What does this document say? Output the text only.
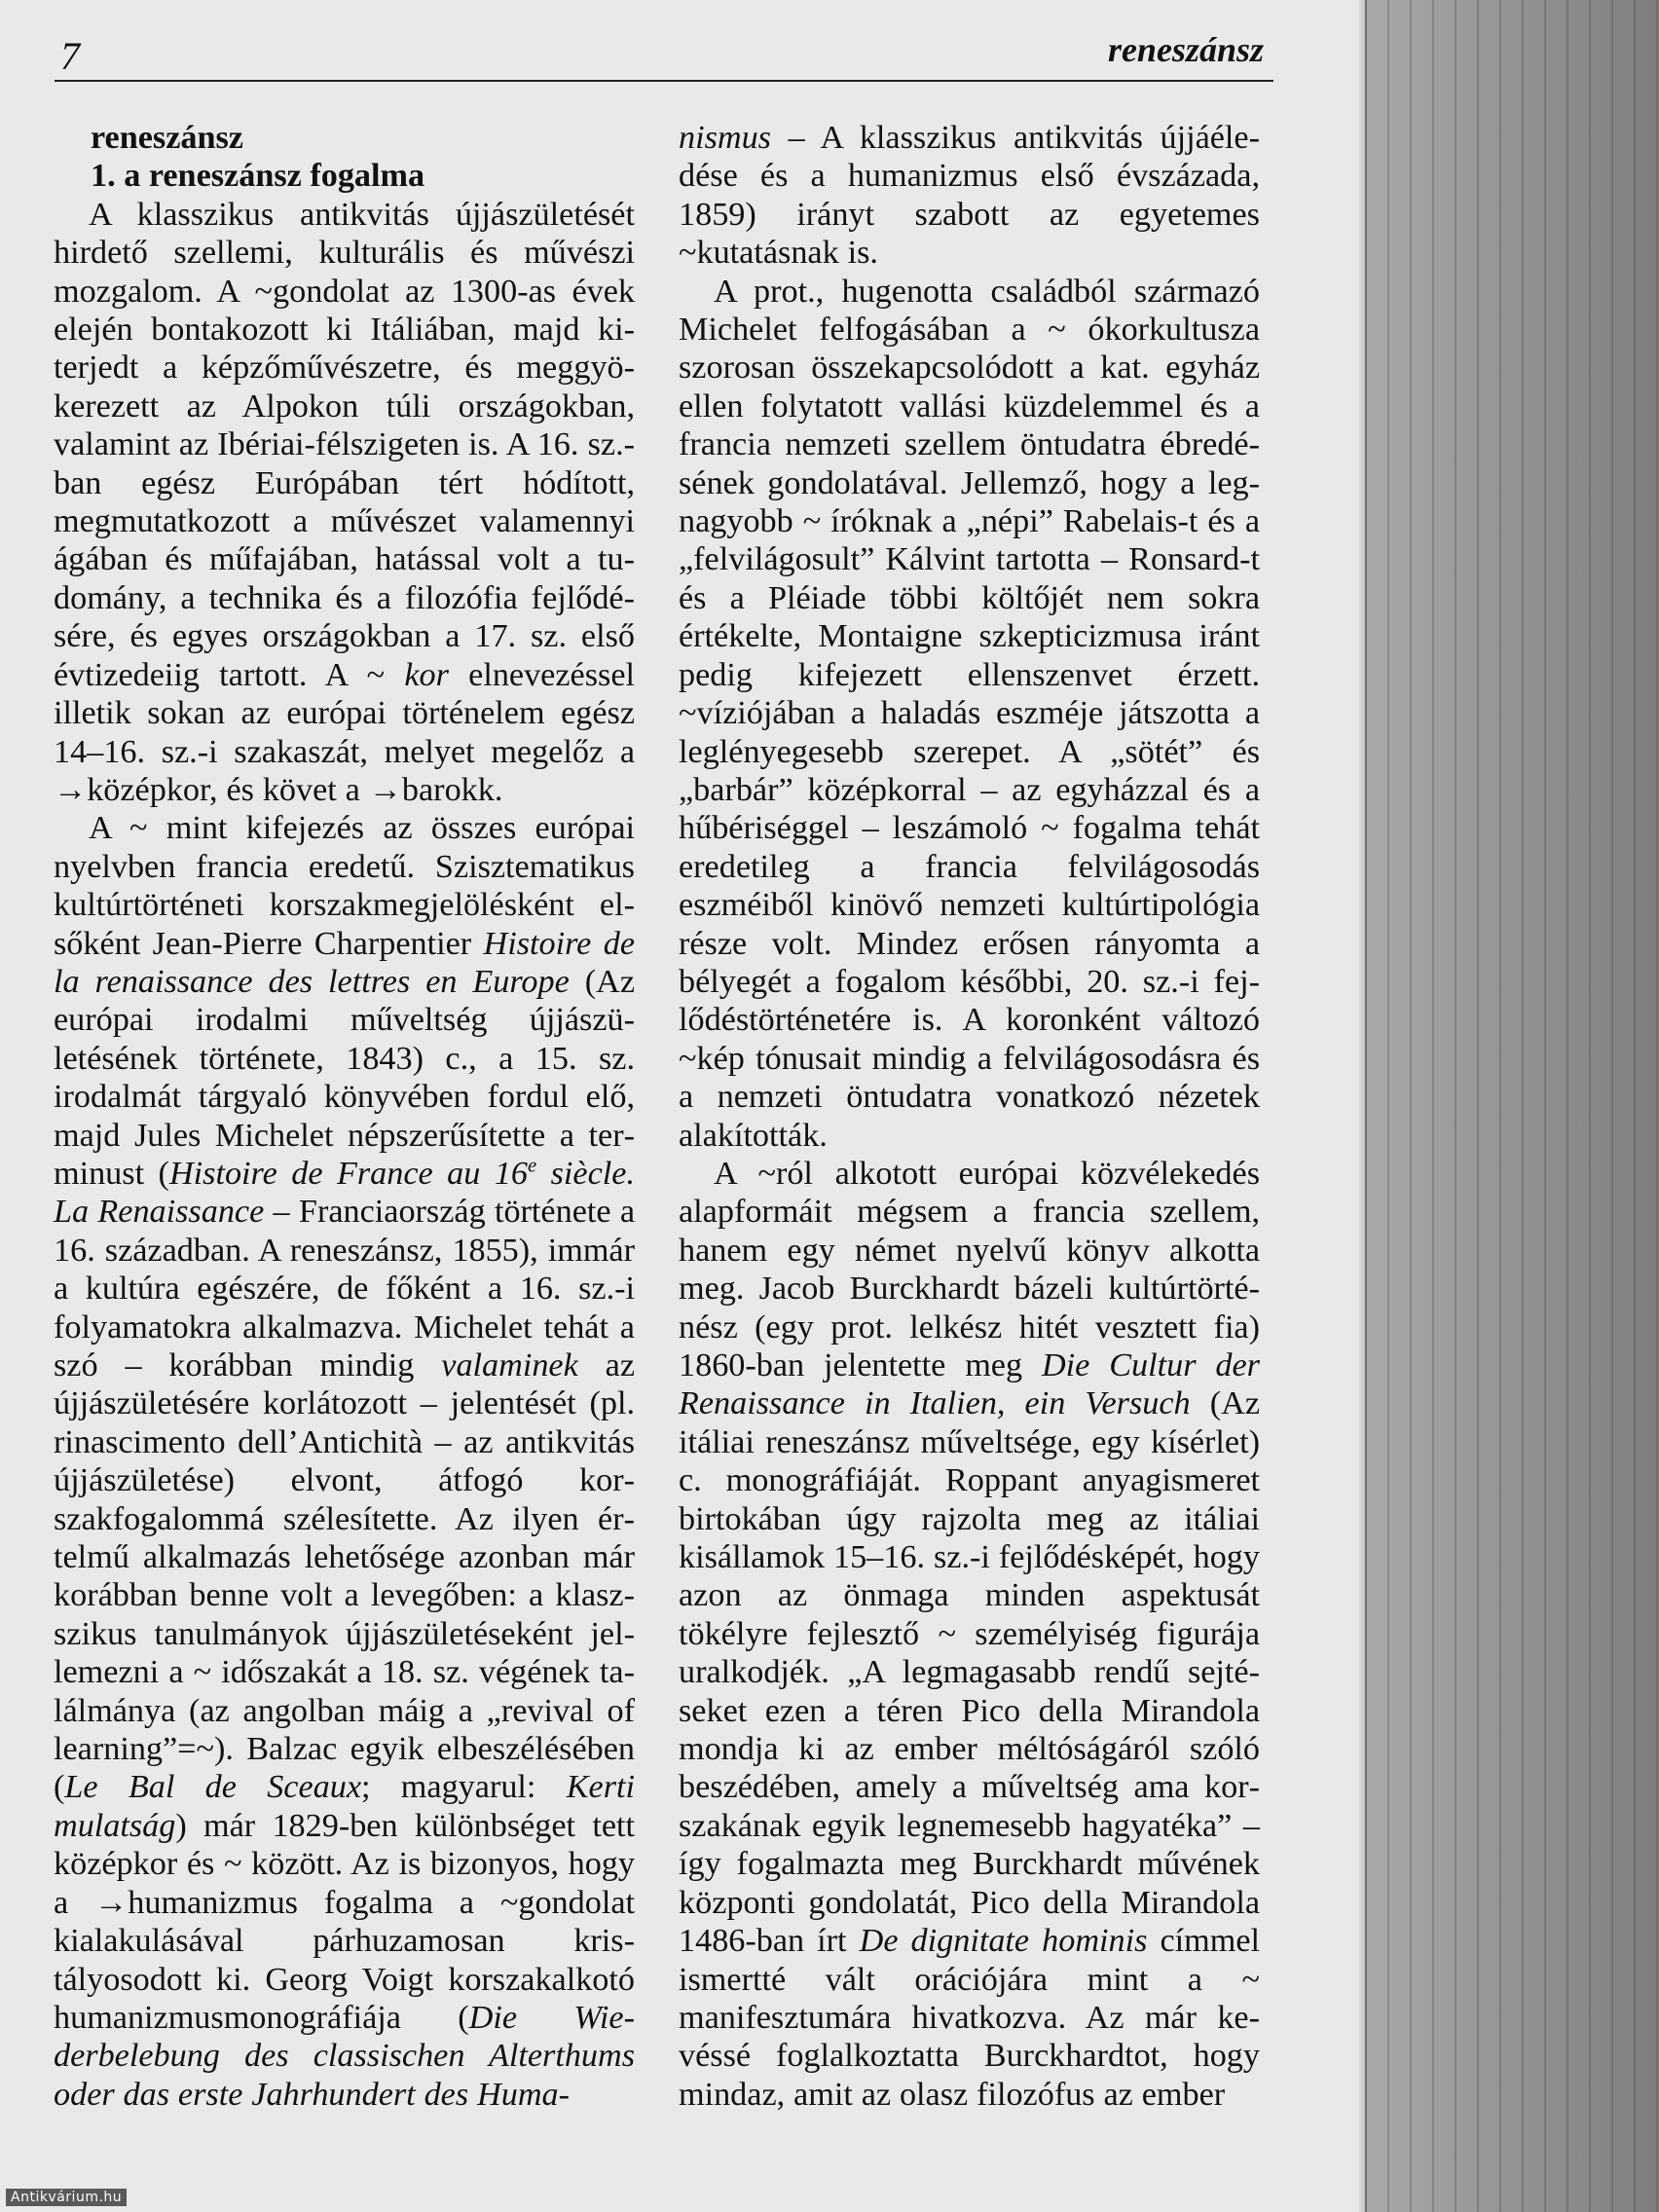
7	reneszánsz
reneszánsz
1. a reneszánsz fogalma

A klasszikus antikvitás újjászületését hirdető szellemi, kulturális és művészi mozgalom. A ~gondolat az 1300-as évek elején bontakozott ki Itáliában, majd kiterjedt a képzőművészetre, és meggyökerezett az Alpokon túli országokban, valamint az Ibériai-félszigeten is. A 16. sz.-ban egész Európában tért hódított, megmutatkozott a művészet valamennyi ágában és műfajában, hatással volt a tudomány, a technika és a filozófia fejlődésére, és egyes országokban a 17. sz. első évtizedeiig tartott. A ~ kor elnevezéssel illetik sokan az európai történelem egész 14–16. sz.-i szakaszát, melyet megelőz a →középkor, és követ a →barokk.

A ~ mint kifejezés az összes európai nyelvben francia eredetű. Szisztematikus kultúrtörténeti korszakmegjelölésként elsőként Jean-Pierre Charpentier Histoire de la renaissance des lettres en Europe (Az európai irodalmi műveltség újjászületésének története, 1843) c., a 15. sz. irodalmát tárgyaló könyvében fordul elő, majd Jules Michelet népszerűsítette a terminust (Histoire de France au 16e siècle. La Renaissance – Franciaország története a 16. században. A reneszánsz, 1855), immár a kultúra egészére, de főként a 16. sz.-i folyamatokra alkalmazva. Michelet tehát a szó – korábban mindig valaminek az újjászületésére korlátozott – jelentését (pl. rinascimento dell’Antichità – az antikvitás újjászületése) elvont, átfogó korszakfogalommá szélesítette. Az ilyen értelmű alkalmazás lehetősége azonban már korábban benne volt a levegőben: a klaszszikus tanulmányok újjászületéseként jellemezni a ~ időszakát a 18. sz. végének találmánya (az angolban máig a „revival of learning”=~). Balzac egyik elbeszélésében (Le Bal de Sceaux; magyarul: Kerti mulatság) már 1829-ben különbséget tett középkor és ~ között. Az is bizonyos, hogy a →humanizmus fogalma a ~gondolat kialakulásával párhuzamosan kristályosodott ki. Georg Voigt korszakalkotó humanizmusmonográfiája (Die Wiederbelebung des classischen Alterthums oder das erste Jahrhundert des Huma-

nismus – A klasszikus antikvitás újjáéledése és a humanizmus első évszázada, 1859) irányt szabott az egyetemes ~kutatásnak is.

A prot., hugenotta családból származó Michelet felfogásában a ~ ókorkultusza szorosan összekapcsolódott a kat. egyház ellen folytatott vallási küzdelemmel és a francia nemzeti szellem öntudatra ébredésének gondolatával. Jellemző, hogy a legnagyobb ~ íróknak a „népi” Rabelais-t és a „felvilágosult” Kálvint tartotta – Ronsard-t és a Pléiade többi költőjét nem sokra értékelte, Montaigne szkepticizmusa iránt pedig kifejezett ellenszenvet érzett. ~víziójában a haladás eszméje játszotta a leglényegesebb szerepet. A „sötét” és „barbár” középkorral – az egyházzal és a hűbériséggel – leszámoló ~ fogalma tehát eredetileg a francia felvilágosodás eszméiből kinövő nemzeti kultúrtipológia része volt. Mindez erősen rányomta a bélyegét a fogalom későbbi, 20. sz.-i fejlődéstörténetére is. A koronként változó ~kép tónusait mindig a felvilágosodásra és a nemzeti öntudatra vonatkozó nézetek alakították.

A ~ról alkotott európai közvélekedés alapformáit mégsem a francia szellem, hanem egy német nyelvű könyv alkotta meg. Jacob Burckhardt bázeli kultúrtörténész (egy prot. lelkész hitét vesztett fia) 1860-ban jelentette meg Die Cultur der Renaissance in Italien, ein Versuch (Az itáliai reneszánsz műveltsége, egy kísérlet) c. monográfiáját. Roppant anyagismeret birtokában úgy rajzolta meg az itáliai kisállamok 15–16. sz.-i fejlődésképét, hogy azon az önmaga minden aspektusát tökélyre fejlesztő ~ személyiség figurája uralkodjék. „A legmagasabb rendű sejtéseket ezen a téren Pico della Mirandola mondja ki az ember méltóságáról szóló beszédében, amely a műveltség ama korszakának egyik legnemesebb hagyatéka” – így fogalmazta meg Burckhardt művének központi gondolatát, Pico della Mirandola 1486-ban írt De dignitate hominis címmel ismertté vált orációjára mint a ~ manifesztumára hivatkozva. Az már kevéssé foglalkoztatta Burckhardtot, hogy mindaz, amit az olasz filozófus az ember

Antikvárium.hu
